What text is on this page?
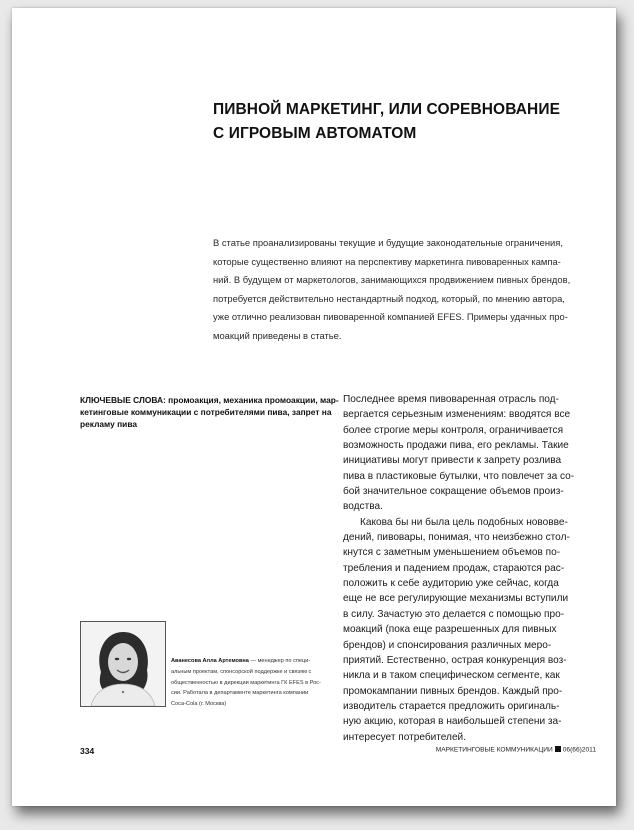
ПИВНОЙ МАРКЕТИНГ, ИЛИ СОРЕВНОВАНИЕ
С ИГРОВЫМ АВТОМАТОМ
В статье проанализированы текущие и будущие законодательные ограничения,
которые существенно влияют на перспективу маркетинга пивоваренных кампа-
ний. В будущем от маркетологов, занимающихся продвижением пивных брендов,
потребуется действительно нестандартный подход, который, по мнению автора,
уже отлично реализован пивоваренной компанией EFES. Примеры удачных про-
моакций приведены в статье.
КЛЮЧЕВЫЕ СЛОВА: промоакция, механика промоакции, мар-
кетинговые коммуникации с потребителями пива, запрет на
рекламу пива
Последнее время пивоваренная отрасль под-
вергается серьезным изменениям: вводятся все
более строгие меры контроля, ограничивается
возможность продажи пива, его рекламы. Такие
инициативы могут привести к запрету розлива
пива в пластиковые бутылки, что повлечет за со-
бой значительное сокращение объемов произ-
водства.
Какова бы ни была цель подобных нововве-
дений, пивовары, понимая, что неизбежно стол-
кнутся с заметным уменьшением объемов по-
требления и падением продаж, стараются рас-
положить к себе аудиторию уже сейчас, когда
еще не все регулирующие механизмы вступили
в силу. Зачастую это делается с помощью про-
моакций (пока еще разрешенных для пивных
брендов) и спонсирования различных меро-
приятий. Естественно, острая конкуренция воз-
никла и в таком специфическом сегменте, как
промокампании пивных брендов. Каждый про-
изводитель старается предложить оригиналь-
ную акцию, которая в наибольшей степени за-
интересует потребителей.
Аванесова Алла Артемовна — менеджер по специ-
альным проектам, спонсорской поддержке и связям с
общественностью в дирекции маркетинга ГК EFES в Рос-
сии. Работала в департаменте маркетинга компании
Coca-Cola (г. Москва)
334	МАРКЕТИНГОВЫЕ КОММУНИКАЦИИ 06(66)2011
